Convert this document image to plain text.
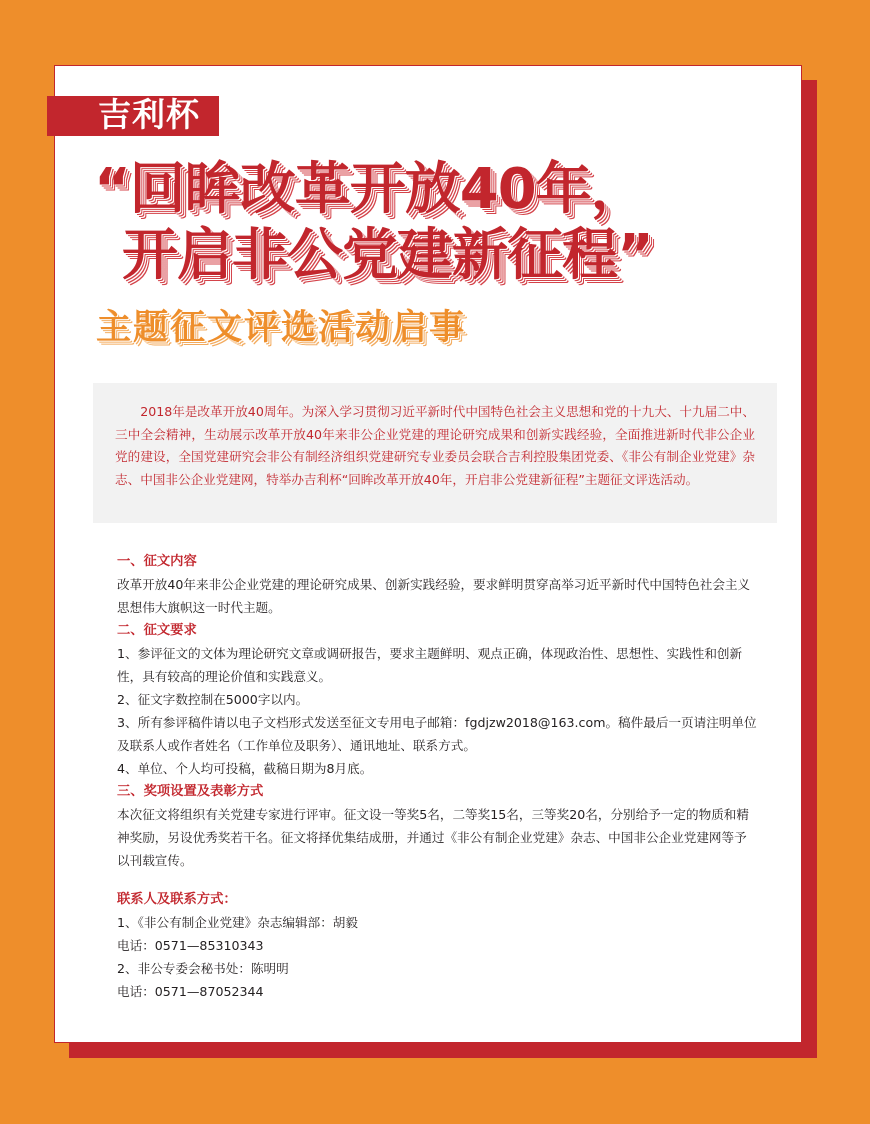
吉利杯
“回眸改革开放40年，
开启非公党建新征程”
主题征文评选活动启事

2018年是改革开放40周年。为深入学习贯彻习近平新时代中国特色社会主义思想和党的十九大、十九届二中、三中全会精神，生动展示改革开放40年来非公企业党建的理论研究成果和创新实践经验，全面推进新时代非公企业党的建设，全国党建研究会非公有制经济组织党建研究专业委员会联合吉利控股集团党委、《非公有制企业党建》杂志、中国非公企业党建网，特举办吉利杯“回眸改革开放40年，开启非公党建新征程”主题征文评选活动。

一、征文内容

改革开放40年来非公企业党建的理论研究成果、创新实践经验，要求鲜明贯穿高举习近平新时代中国特色社会主义思想伟大旗帜这一时代主题。

二、征文要求

1、参评征文的文体为理论研究文章或调研报告，要求主题鲜明、观点正确，体现政治性、思想性、实践性和创新性，具有较高的理论价值和实践意义。

2、征文字数控制在5000字以内。

3、所有参评稿件请以电子文档形式发送至征文专用电子邮箱：fgdjzw2018@163.com。稿件最后一页请注明单位及联系人或作者姓名（工作单位及职务）、通讯地址、联系方式。

4、单位、个人均可投稿，截稿日期为8月底。

三、奖项设置及表彰方式

本次征文将组织有关党建专家进行评审。征文设一等奖5名，二等奖15名，三等奖20名，分别给予一定的物质和精神奖励，另设优秀奖若干名。征文将择优集结成册，并通过《非公有制企业党建》杂志、中国非公企业党建网等予以刊载宣传。

联系人及联系方式：

1、《非公有制企业党建》杂志编辑部：胡毅

电话：0571—85310343

2、非公专委会秘书处：陈明明

电话：0571—87052344
